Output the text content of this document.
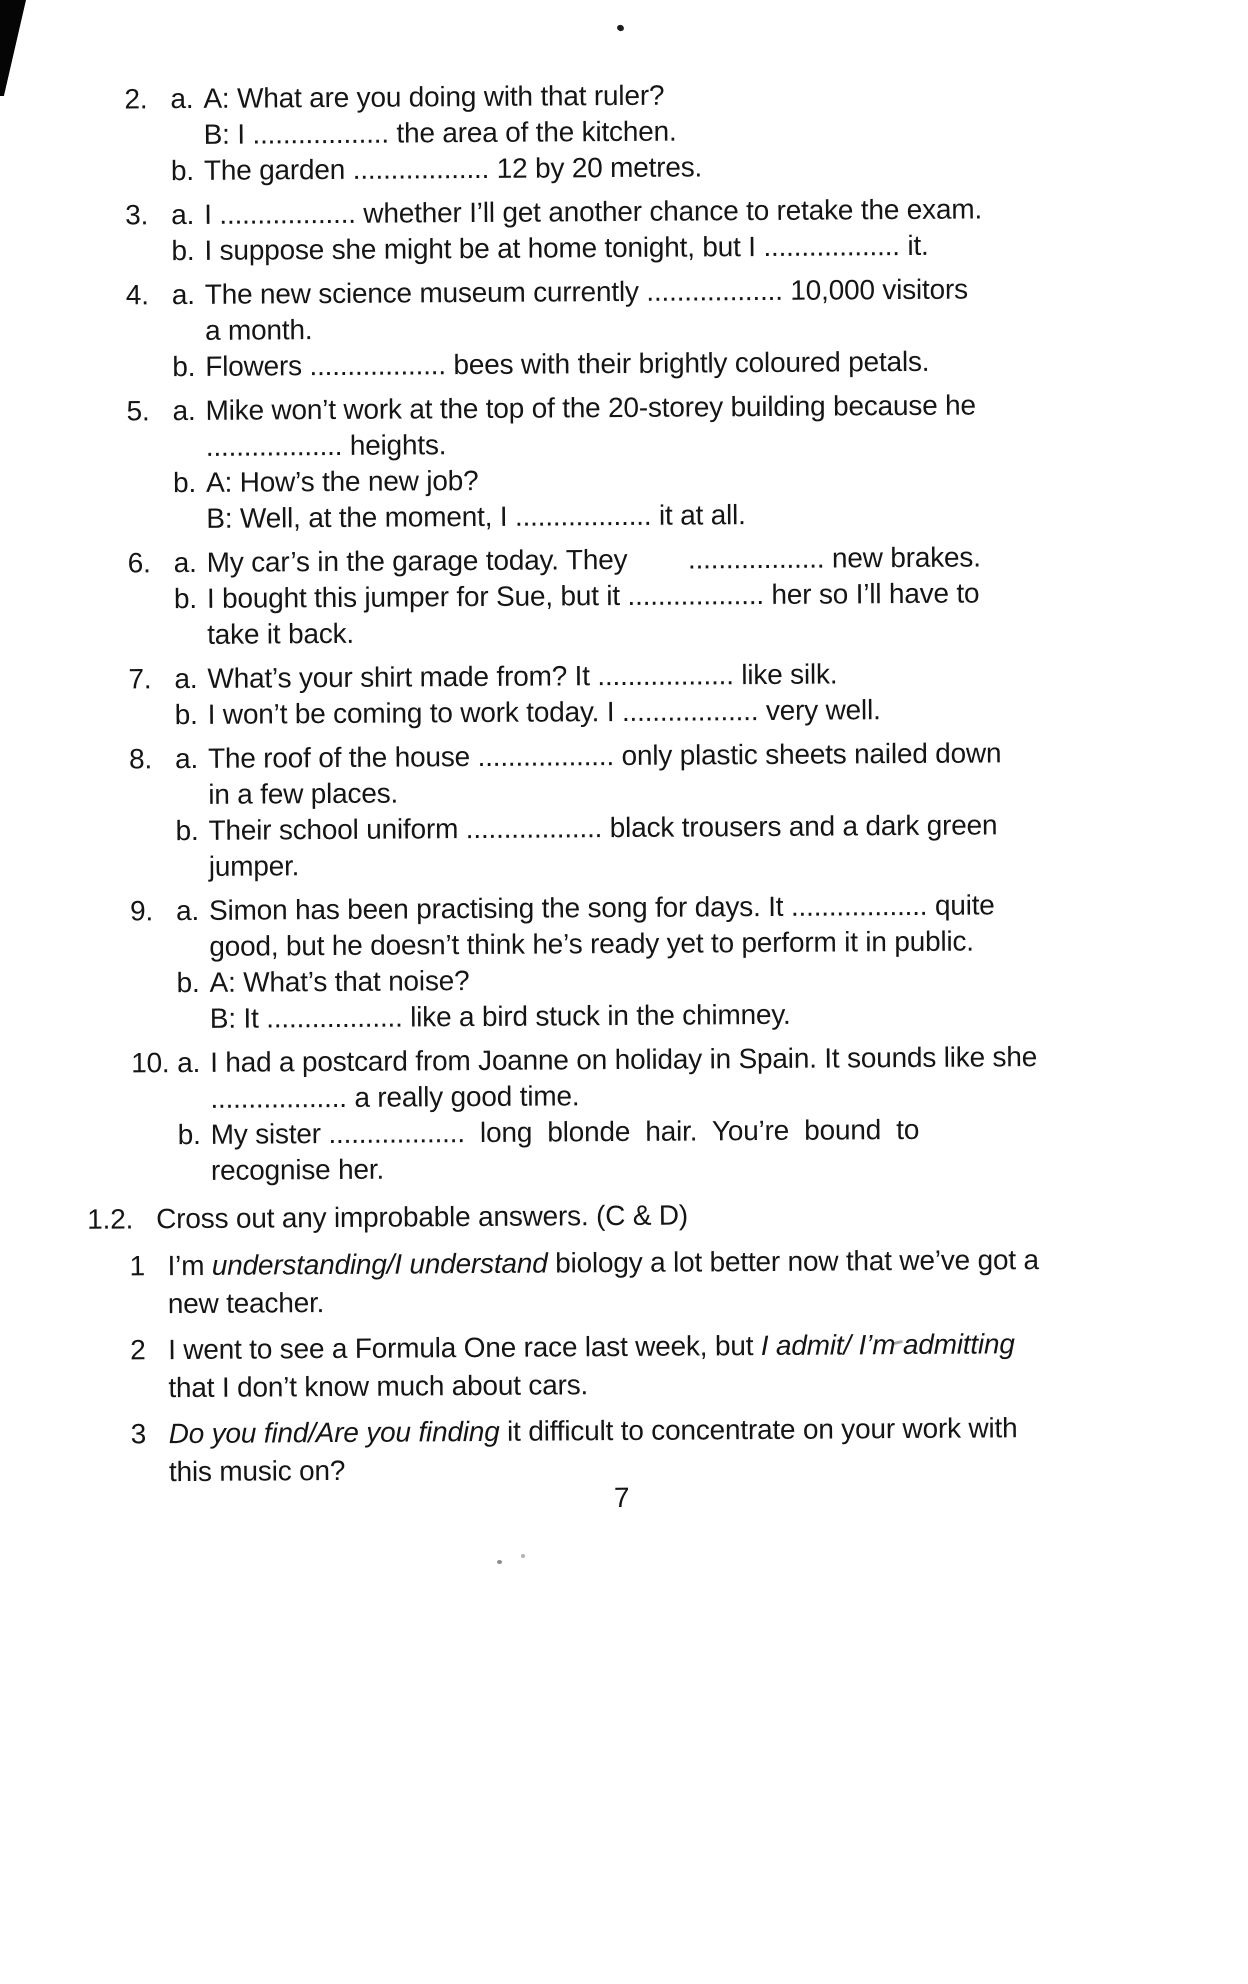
2. a. A: What are you doing with that ruler?
B: I .................. the area of the kitchen.
b. The garden .................. 12 by 20 metres.
3. a. I .................. whether I’ll get another chance to retake the exam.
b. I suppose she might be at home tonight, but I .................. it.
4. a. The new science museum currently .................. 10,000 visitors
a month.
b. Flowers .................. bees with their brightly coloured petals.
5. a. Mike won’t work at the top of the 20-storey building because he
.................. heights.
b. A: How’s the new job?
B: Well, at the moment, I .................. it at all.
6. a. My car’s in the garage today. They        .................. new brakes.
b. I bought this jumper for Sue, but it .................. her so I’ll have to
take it back.
7. a. What’s your shirt made from? It .................. like silk.
b. I won’t be coming to work today. I .................. very well.
8. a. The roof of the house .................. only plastic sheets nailed down
in a few places.
b. Their school uniform .................. black trousers and a dark green
jumper.
9. a. Simon has been practising the song for days. It .................. quite
good, but he doesn’t think he’s ready yet to perform it in public.
b. A: What’s that noise?
B: It .................. like a bird stuck in the chimney.
10. a. I had a postcard from Joanne on holiday in Spain. It sounds like she
.................. a really good time.
b. My sister ..................  long  blonde  hair.  You’re  bound  to
recognise her.
1.2. Cross out any improbable answers. (C & D)
1 I’m understanding/I understand biology a lot better now that we’ve got a new teacher.
2 I went to see a Formula One race last week, but I admit/ I’m admitting that I don’t know much about cars.
3 Do you find/Are you finding it difficult to concentrate on your work with this music on?
7
